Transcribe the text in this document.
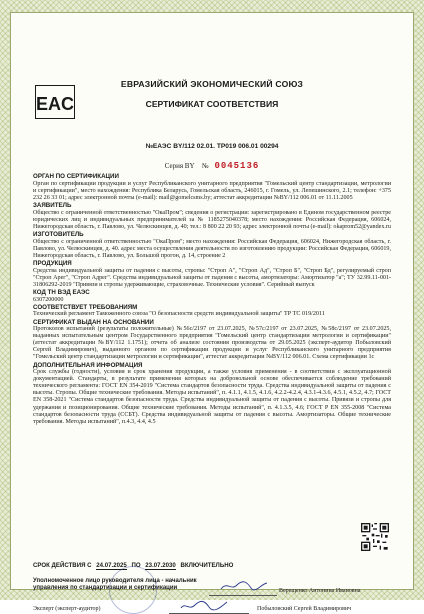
EAC
ЕВРАЗИЙСКИЙ ЭКОНОМИЧЕСКИЙ СОЮЗ
СЕРТИФИКАТ СООТВЕТСТВИЯ
№ЕАЭС BY/112 02.01. ТР019 006.01 00294
Серия BY № 0045136

ОРГАН ПО СЕРТИФИКАЦИИ

Орган по сертификации продукции и услуг Республиканского унитарного предприятия "Гомельский центр стандартизации, метрологии и сертификации", место нахождения: Республика Беларусь, Гомельская область, 246015, г. Гомель, ул. Лепешинского, 2.1; телефон: +375 232 26 33 01; адрес электронной почты (e-mail): mail@gomelcsms.by; аттестат аккредитации №BY/112 006.01 от 11.11.2005

ЗАЯВИТЕЛЬ

Общество с ограниченной ответственностью "ОкаПром"; сведения о регистрации: зарегистрировано в Едином государственном реестре юридических лиц и индивидуальных предпринимателей за № 1185275040378; место нахождения: Российская Федерация, 606024, Нижегородская область, г. Павлово, ул. Челюскинцев, д. 40; тел.: 8 800 22 20 93; адрес электронной почты (e-mail): okaprom52@yandex.ru

ИЗГОТОВИТЕЛЬ

Общество с ограниченной ответственностью "ОкаПром"; место нахождения: Российская Федерация, 606024, Нижегородская область, г. Павлово, ул. Челюскинцев, д. 40. адрес места осуществления деятельности по изготовлению продукции: Российская Федерация, 606019, Нижегородская область, г. Павлово, ул. Большой прогон, д. 14, строение 2

ПРОДУКЦИЯ

Средства индивидуальной защиты от падения с высоты, стропы: "Строп А", "Строп Ад", "Строп Б", "Строп Бд", регулируемый строп "Строп Арег", "Строп Адрег". Средства индивидуальной защиты от падения с высоты, амортизаторы: Амортизатор "а"; ТУ 32.99.11-001-31806292-2019 "Привязи и стропы удерживающие, страховочные. Технические условия". Серийный выпуск

КОД ТН ВЭД ЕАЭС

6307200000

СООТВЕТСТВУЕТ ТРЕБОВАНИЯМ

Технический регламент Таможенного союза "О безопасности средств индивидуальной защиты" ТР ТС 019/2011

СЕРТИФИКАТ ВЫДАН НА ОСНОВАНИИ

Протоколов испытаний (результаты положительные) №56с/2197 от 23.07.2025, №57с/2197 от 23.07.2025, №58с/2197 от 23.07.2025, выданных испытательным центром Государственного предприятия "Гомельский центр стандартизации метрологии и сертификации" (аттестат аккредитации №BY/112 1.1751); отчета об анализе состояния производства от 29.05.2025 (эксперт-аудитор Побыловский Сергей Владимирович), выданного органом по сертификации продукции и услуг Республиканского унитарного предприятия "Гомельский центр стандартизации метрологии и сертификации", аттестат аккредитации №BY/112 006.01. Схема сертификации 1с

ДОПОЛНИТЕЛЬНАЯ ИНФОРМАЦИЯ

Срок службы (годности), условия и срок хранения продукции, а также условия применения - в соответствии с эксплуатационной документацией. Стандарты, в результате применения которых на добровольной основе обеспечивается соблюдение требований технического регламента: ГОСТ EN 354-2019 "Система стандартов безопасности труда. Средства индивидуальной защиты от падения с высоты. Стропы. Общие технические требования. Методы испытаний", п. 4.1.1, 4.1.5, 4.1.6, 4.2.2-4.2.4, 4.3.1-4.3.6, 4.5.1, 4.5.2, 4.7; ГОСТ EN 358-2021 "Система стандартов безопасности труда. Средства индивидуальной защиты от падения с высоты. Привязи и стропы для удержания и позиционирования. Общие технические требования. Методы испытаний", п. 4.1.3.5, 4.6; ГОСТ Р EN 355-2008 "Система стандартов безопасности труда (ССБТ). Средства индивидуальной защиты от падения с высоты. Амортизаторы. Общие технические требования. Методы испытаний", п.4.3, 4.4, 4.5

СРОК ДЕЙСТВИЯ С 24.07.2025 ПО 23.07.2030 ВКЛЮЧИТЕЛЬНО
Уполномоченное лицо руководителя лица - начальник управления по стандартизации и сертификации	Верещенко Антонина Ивановна
Эксперт (эксперт-аудитор)	Побыловский Сергей Владимирович
